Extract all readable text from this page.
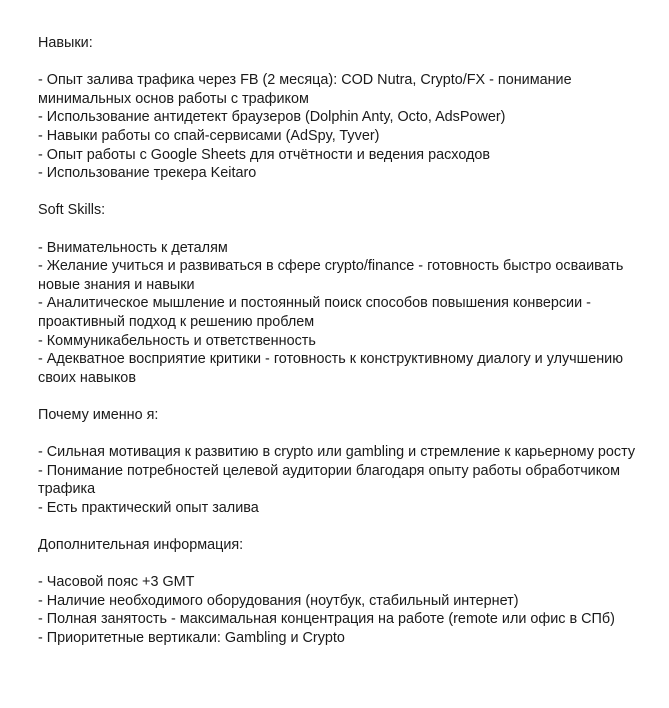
Навыки:
- Опыт залива трафика через FB (2 месяца): COD Nutra, Crypto/FX - понимание минимальных основ работы с трафиком
- Использование антидетект браузеров (Dolphin Anty, Octo, AdsPower)
- Навыки работы со спай-сервисами (AdSpy, Tyver)
- Опыт работы с Google Sheets для отчётности и ведения расходов
- Использование трекера Keitaro
Soft Skills:
- Внимательность к деталям
- Желание учиться и развиваться в сфере crypto/finance - готовность быстро осваивать новые знания и навыки
- Аналитическое мышление и постоянный поиск способов повышения конверсии - проактивный подход к решению проблем
- Коммуникабельность и ответственность
- Адекватное восприятие критики - готовность к конструктивному диалогу и улучшению своих навыков
Почему именно я:
- Сильная мотивация к развитию в crypto или gambling и стремление к карьерному росту
- Понимание потребностей целевой аудитории благодаря опыту работы обработчиком трафика
- Есть практический опыт залива
Дополнительная информация:
- Часовой пояс +3 GMT
- Наличие необходимого оборудования (ноутбук, стабильный интернет)
- Полная занятость - максимальная концентрация на работе (remote или офис в СПб)
- Приоритетные вертикали: Gambling и Crypto
